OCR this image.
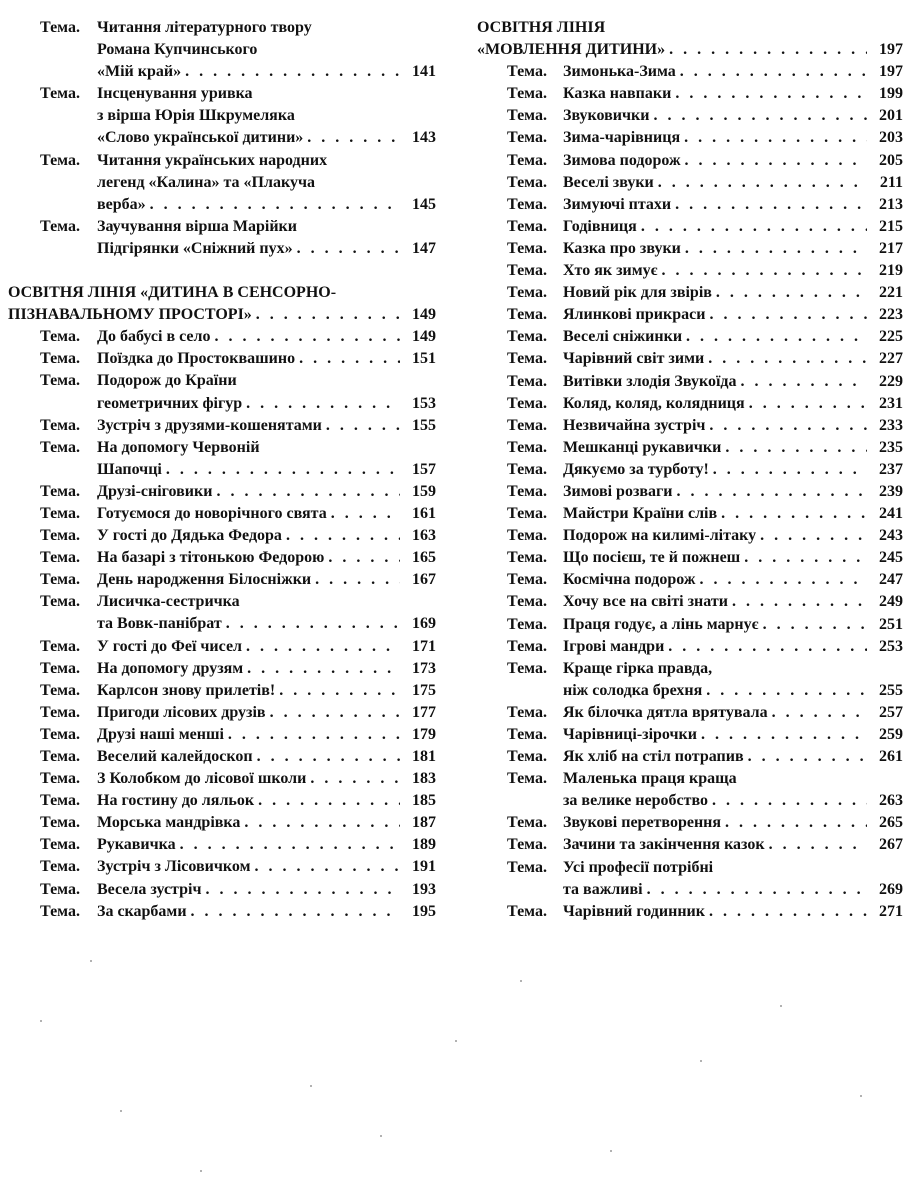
Тема. Читання літературного твору
Романа Купчинського
«Мій край» . . .	141
Тема. Інсценування уривка
з вірша Юрія Шкрумеляка
«Слово української дитини» . . .	143
Тема. Читання українських народних
легенд «Калина» та «Плакуча
верба» . . .	145
Тема. Заучування вірша Марійки
Підгірянки «Сніжний пух» . . .	147
ОСВІТНЯ ЛІНІЯ «ДИТИНА В СЕНСОРНО-
ПІЗНАВАЛЬНОМУ ПРОСТОРІ» . . .	149
Тема. До бабусі в село . . .	149
Тема. Поїздка до Простоквашино . . .	151
Тема. Подорож до Країни
геометричних фігур . . .	153
Тема. Зустріч з друзями-кошенятами . . .	155
Тема. На допомогу Червоній
Шапочці . . .	157
Тема. Друзі-сніговики . . .	159
Тема. Готуємося до новорічного свята . . .	161
Тема. У гості до Дядька Федора . . .	163
Тема. На базарі з тітонькою Федорою . . .	165
Тема. День народження Білосніжки . . .	167
Тема. Лисичка-сестричка
та Вовк-панібрат . . .	169
Тема. У гості до Феї чисел . . .	171
Тема. На допомогу друзям . . .	173
Тема. Карлсон знову прилетів! . . .	175
Тема. Пригоди лісових друзів . . .	177
Тема. Друзі наші менші . . .	179
Тема. Веселий калейдоскоп . . .	181
Тема. З Колобком до лісової школи . . .	183
Тема. На гостину до ляльок . . .	185
Тема. Морська мандрівка . . .	187
Тема. Рукавичка . . .	189
Тема. Зустріч з Лісовичком . . .	191
Тема. Весела зустріч . . .	193
Тема. За скарбами . . .	195
ОСВІТНЯ ЛІНІЯ
«МОВЛЕННЯ ДИТИНИ» . . .	197
Тема. Зимонька-Зима . . .	197
Тема. Казка навпаки . . .	199
Тема. Звуковички . . .	201
Тема. Зима-чарівниця . . .	203
Тема. Зимова подорож . . .	205
Тема. Веселі звуки . . .	211
Тема. Зимуючі птахи . . .	213
Тема. Годівниця . . .	215
Тема. Казка про звуки . . .	217
Тема. Хто як зимує . . .	219
Тема. Новий рік для звірів . . .	221
Тема. Ялинкові прикраси . . .	223
Тема. Веселі сніжинки . . .	225
Тема. Чарівний світ зими . . .	227
Тема. Витівки злодія Звукоїда . . .	229
Тема. Коляд, коляд, колядниця . . .	231
Тема. Незвичайна зустріч . . .	233
Тема. Мешканці рукавички . . .	235
Тема. Дякуємо за турботу! . . .	237
Тема. Зимові розваги . . .	239
Тема. Майстри Країни слів . . .	241
Тема. Подорож на килимі-літаку . . .	243
Тема. Що посієш, те й пожнеш . . .	245
Тема. Космічна подорож . . .	247
Тема. Хочу все на світі знати . . .	249
Тема. Праця годує, а лінь марнує . . .	251
Тема. Ігрові мандри . . .	253
Тема. Краще гірка правда,
ніж солодка брехня . . .	255
Тема. Як білочка дятла врятувала . . .	257
Тема. Чарівниці-зірочки . . .	259
Тема. Як хліб на стіл потрапив . . .	261
Тема. Маленька праця краща
за велике неробство . . .	263
Тема. Звукові перетворення . . .	265
Тема. Зачини та закінчення казок . . .	267
Тема. Усі професії потрібні
та важливі . . .	269
Тема. Чарівний годинник . . .	271
